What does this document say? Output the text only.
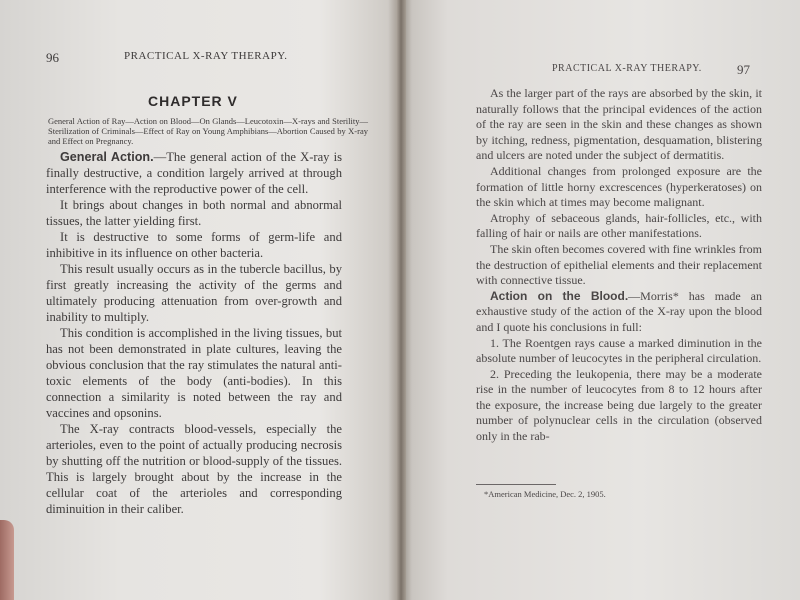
96	PRACTICAL X-RAY THERAPY.
CHAPTER V
General Action of Ray—Action on Blood—On Glands—Leucotoxin—X-rays and Sterility—Sterilization of Criminals—Effect of Ray on Young Amphibians—Abortion Caused by X-ray and Effect on Pregnancy.

General Action.—The general action of the X-ray is finally destructive, a condition largely arrived at through interference with the reproductive power of the cell.

It brings about changes in both normal and abnormal tissues, the latter yielding first.

It is destructive to some forms of germ-life and inhibitive in its influence on other bacteria.

This result usually occurs as in the tubercle bacillus, by first greatly increasing the activity of the germs and ultimately producing attenuation from over-growth and inability to multiply.

This condition is accomplished in the living tissues, but has not been demonstrated in plate cultures, leaving the obvious conclusion that the ray stimulates the natural anti-toxic elements of the body (anti-bodies). In this connection a similarity is noted between the ray and vaccines and opsonins.

The X-ray contracts blood-vessels, especially the arterioles, even to the point of actually producing necrosis by shutting off the nutrition or blood-supply of the tissues. This is largely brought about by the increase in the cellular coat of the arterioles and corresponding diminuition in their caliber.

PRACTICAL X-RAY THERAPY.	97

As the larger part of the rays are absorbed by the skin, it naturally follows that the principal evidences of the action of the ray are seen in the skin and these changes as shown by itching, redness, pigmentation, desquamation, blistering and ulcers are noted under the subject of dermatitis.

Additional changes from prolonged exposure are the formation of little horny excrescences (hyperkeratoses) on the skin which at times may become malignant.

Atrophy of sebaceous glands, hair-follicles, etc., with falling of hair or nails are other manifestations.

The skin often becomes covered with fine wrinkles from the destruction of epithelial elements and their replacement with connective tissue.

Action on the Blood.—Morris* has made an exhaustive study of the action of the X-ray upon the blood and I quote his conclusions in full:

1. The Roentgen rays cause a marked diminution in the absolute number of leucocytes in the peripheral circulation.

2. Preceding the leukopenia, there may be a moderate rise in the number of leucocytes from 8 to 12 hours after the exposure, the increase being due largely to the greater number of polynuclear cells in the circulation (observed only in the rab-

*American Medicine, Dec. 2, 1905.
